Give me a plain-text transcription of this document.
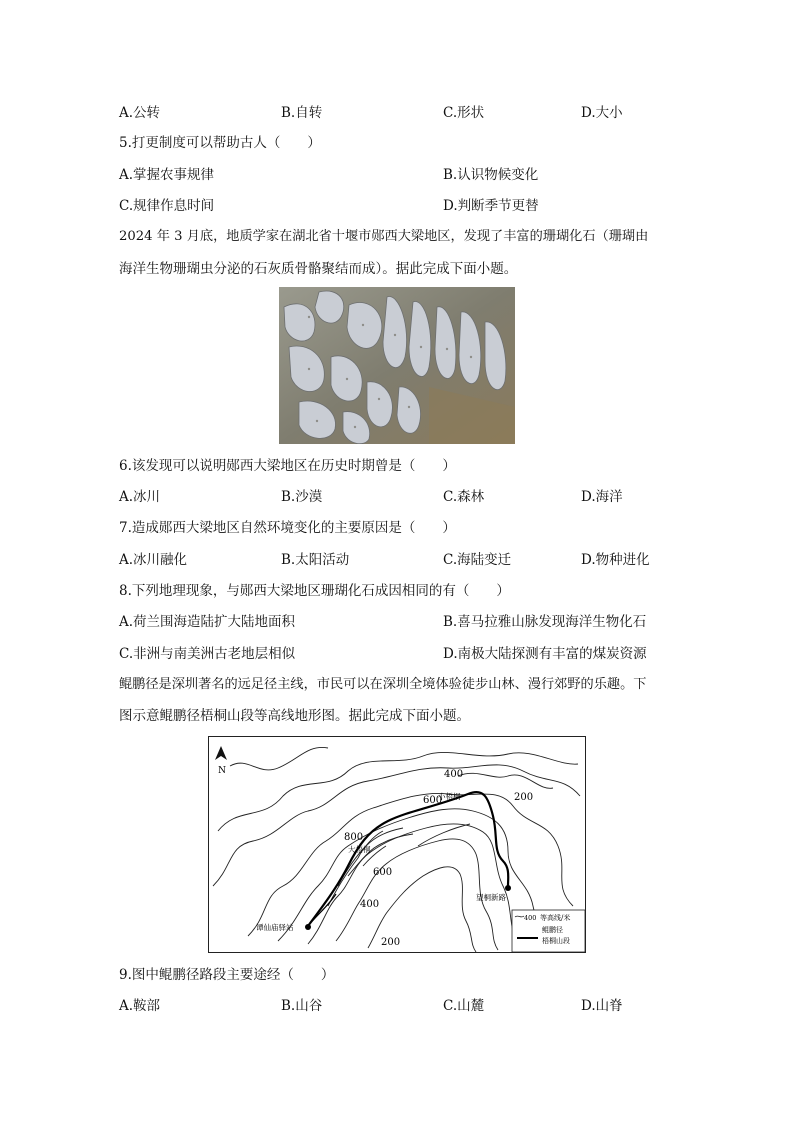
A.公转	B.自转	C.形状	D.大小
5.打更制度可以帮助古人（　　）
A.掌握农事规律	B.认识物候变化
C.规律作息时间	D.判断季节更替
2024 年 3 月底，地质学家在湖北省十堰市郧西大梁地区，发现了丰富的珊瑚化石（珊瑚由
海洋生物珊瑚虫分泌的石灰质骨骼聚结而成）。据此完成下面小题。
6.该发现可以说明郧西大梁地区在历史时期曾是（　　）
A.冰川	B.沙漠	C.森林	D.海洋
7.造成郧西大梁地区自然环境变化的主要原因是（　　）
A.冰川融化	B.太阳活动	C.海陆变迁	D.物种进化
8.下列地理现象，与郧西大梁地区珊瑚化石成因相同的有（　　）
A.荷兰围海造陆扩大陆地面积	B.喜马拉雅山脉发现海洋生物化石
C.非洲与南美洲古老地层相似	D.南极大陆探测有丰富的煤炭资源
鲲鹏径是深圳著名的远足径主线，市民可以在深圳全境体验徒步山林、漫行郊野的乐趣。下
图示意鲲鹏径梧桐山段等高线地形图。据此完成下面小题。
N	400
200
600
800
600
400
200
小梧桐
大梧桐
望桐新路
谭仙庙驿站
400 等高线/米
鲲鹏径
梧桐山段
9.图中鲲鹏径路段主要途经（　　）
A.鞍部	B.山谷	C.山麓	D.山脊
